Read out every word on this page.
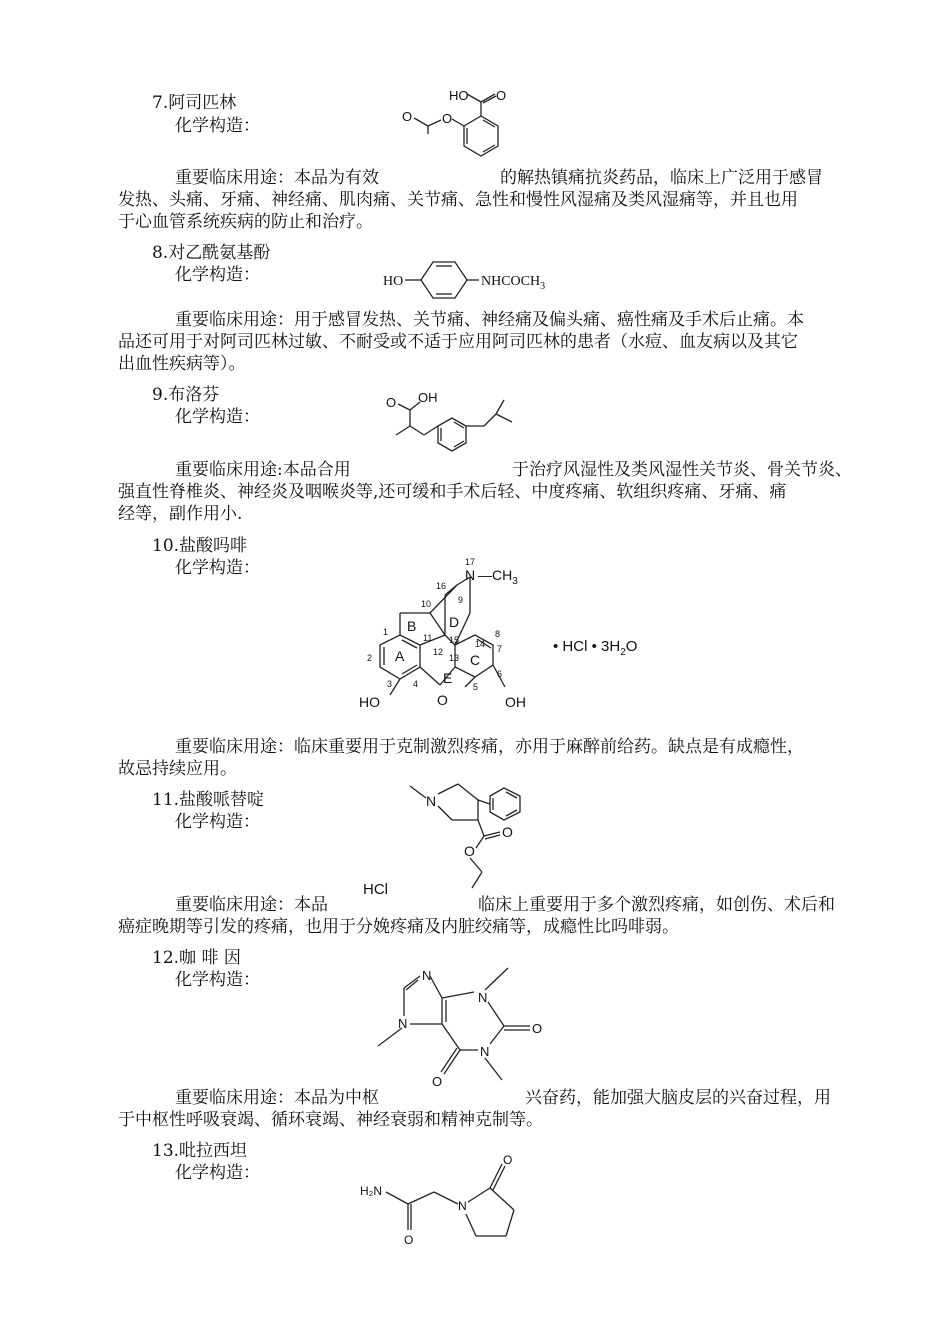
7.阿司匹林
化学构造：
HO O
O
O
重要临床用途：本品为有效	的解热镇痛抗炎药品，临床上广泛用于感冒
发热、头痛、牙痛、神经痛、肌肉痛、关节痛、急性和慢性风湿痛及类风湿痛等，并且也用
于心血管系统疾病的防止和治疗。
8.对乙酰氨基酚
化学构造：	HO	$NHCOCH_3$
重要临床用途：用于感冒发热、关节痛、神经痛及偏头痛、癌性痛及手术后止痛。本
品还可用于对阿司匹林过敏、不耐受或不适于应用阿司匹林的患者（水痘、血友病以及其它
出血性疾病等）。
9.布洛芬
化学构造：
OH
O
重要临床用途:本品合用	于治疗风湿性及类风湿性关节炎、骨关节炎、
强直性脊椎炎、神经炎及咽喉炎等,还可缓和手术后轻、中度疼痛、软组织疼痛、牙痛、痛
经等，副作用小.
10.盐酸吗啡
化学构造：	N $—CH_3$
A
B
C
D
E
O
HO	OH
1
2
3 4	5
6
7
8
9
10
11
12
13
14
15
16
17
• HCl • $3H_2O$
重要临床用途：临床重要用于克制激烈疼痛，亦用于麻醉前给药。缺点是有成瘾性，
故忌持续应用。
11.盐酸哌替啶
化学构造：
N
O
O
HCl
重要临床用途：本品	临床上重要用于多个激烈疼痛，如创伤、术后和
癌症晚期等引发的疼痛，也用于分娩疼痛及内脏绞痛等，成瘾性比吗啡弱。
12.咖 啡 因
化学构造：	N
N
N
N
O
O
重要临床用途：本品为中枢	兴奋药，能加强大脑皮层的兴奋过程，用
于中枢性呼吸衰竭、循环衰竭、神经衰弱和精神克制等。
13.吡拉西坦
化学构造：
H₂N
O
N
O
